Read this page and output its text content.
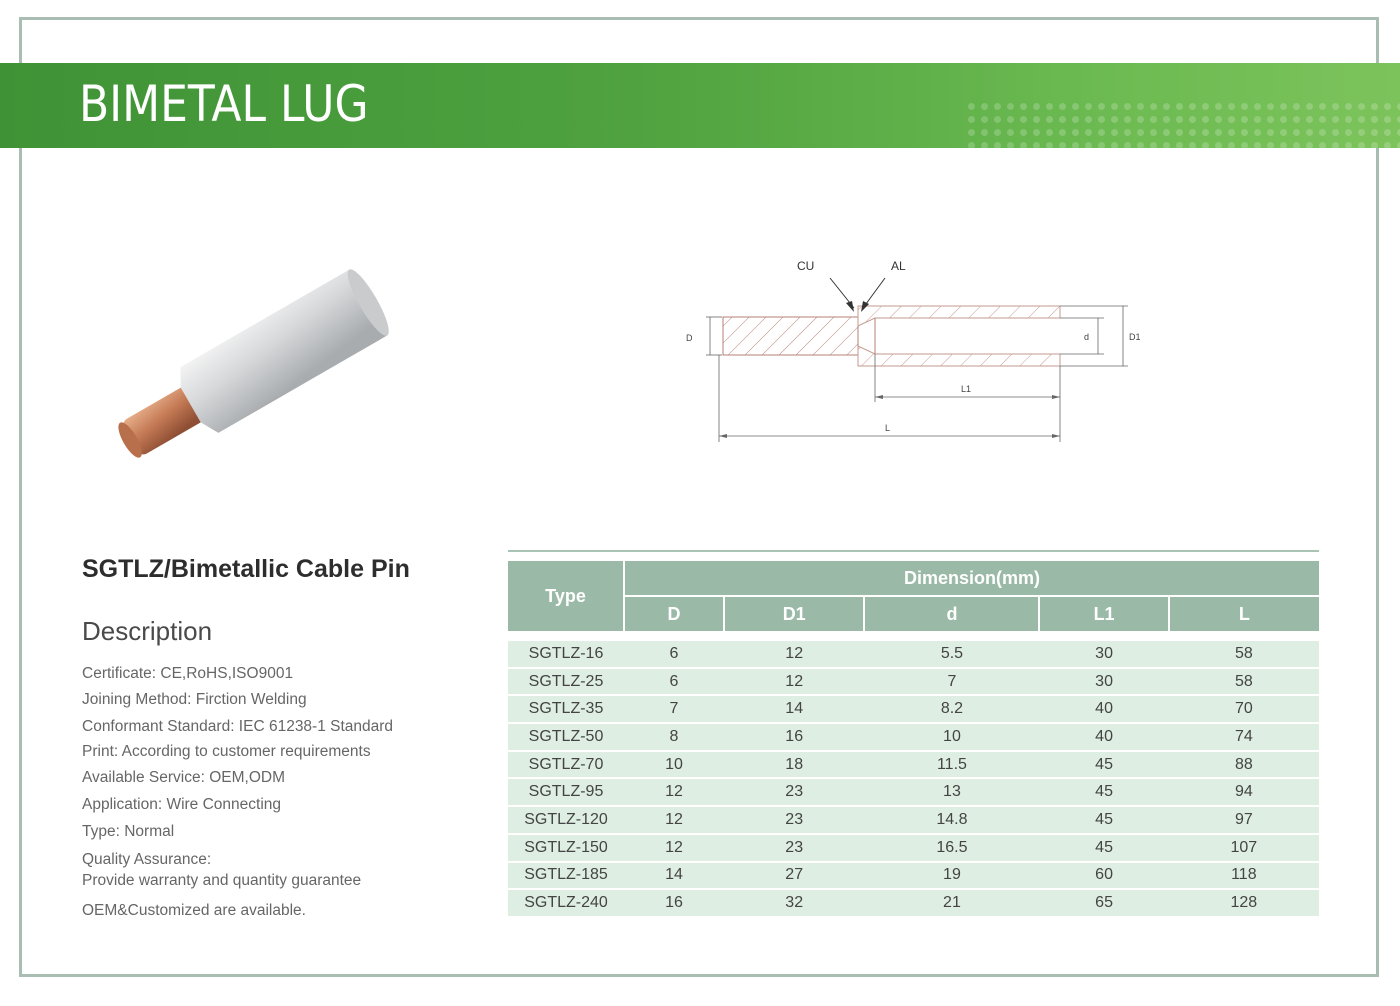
BIMETAL LUG
CU	AL
D	d	D1
L1
L
SGTLZ/Bimetallic Cable Pin
Description
Certificate: CE,RoHS,ISO9001
Joining Method: Firction Welding
Conformant Standard: IEC 61238-1 Standard
Print: According to customer requirements
Available Service: OEM,ODM
Application: Wire Connecting
Type: Normal
Quality Assurance:
Provide warranty and quantity guarantee
OEM&Customized are available.
Type	Dimension(mm)				
	D	D1	d	L1	L

SGTLZ-16	6	12	5.5	30	58
SGTLZ-25	6	12	7	30	58
SGTLZ-35	7	14	8.2	40	70
SGTLZ-50	8	16	10	40	74
SGTLZ-70	10	18	11.5	45	88
SGTLZ-95	12	23	13	45	94
SGTLZ-120	12	23	14.8	45	97
SGTLZ-150	12	23	16.5	45	107
SGTLZ-185	14	27	19	60	118
SGTLZ-240	16	32	21	65	128
